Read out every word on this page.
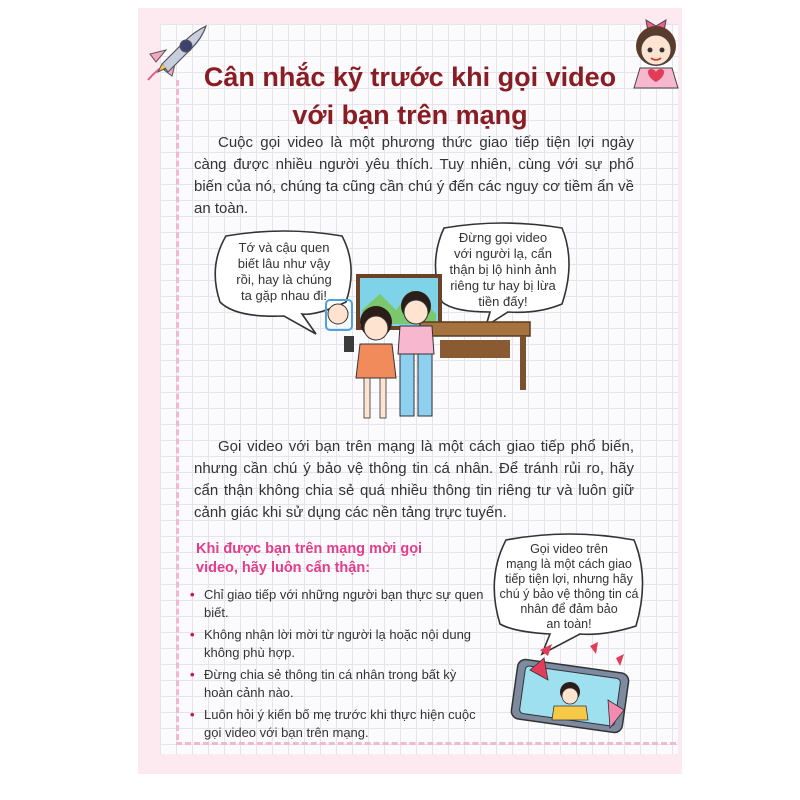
Cân nhắc kỹ trước khi gọi video
với bạn trên mạng

Cuộc gọi video là một phương thức giao tiếp tiện lợi ngày càng được nhiều người yêu thích. Tuy nhiên, cùng với sự phổ biến của nó, chúng ta cũng cần chú ý đến các nguy cơ tiềm ẩn về an toàn.

Tớ và cậu quen
biết lâu như vậy
rồi, hay là chúng
ta gặp nhau đi!
Đừng gọi video
với người lạ, cẩn
thận bị lộ hình ảnh
riêng tư hay bị lừa
tiền đấy!

Gọi video với bạn trên mạng là một cách giao tiếp phổ biến, nhưng cần chú ý bảo vệ thông tin cá nhân. Để tránh rủi ro, hãy cẩn thận không chia sẻ quá nhiều thông tin riêng tư và luôn giữ cảnh giác khi sử dụng các nền tảng trực tuyến.

Khi được bạn trên mạng mời gọi video, hãy luôn cẩn thận:

• Chỉ giao tiếp với những người bạn thực sự quen biết.
• Không nhận lời mời từ người lạ hoặc nội dung không phù hợp.
• Đừng chia sẻ thông tin cá nhân trong bất kỳ hoàn cảnh nào.
• Luôn hỏi ý kiến bố mẹ trước khi thực hiện cuộc gọi video với bạn trên mạng.
Gọi video trên
mạng là một cách giao
tiếp tiện lợi, nhưng hãy
chú ý bảo vệ thông tin cá
nhân để đảm bảo
an toàn!
